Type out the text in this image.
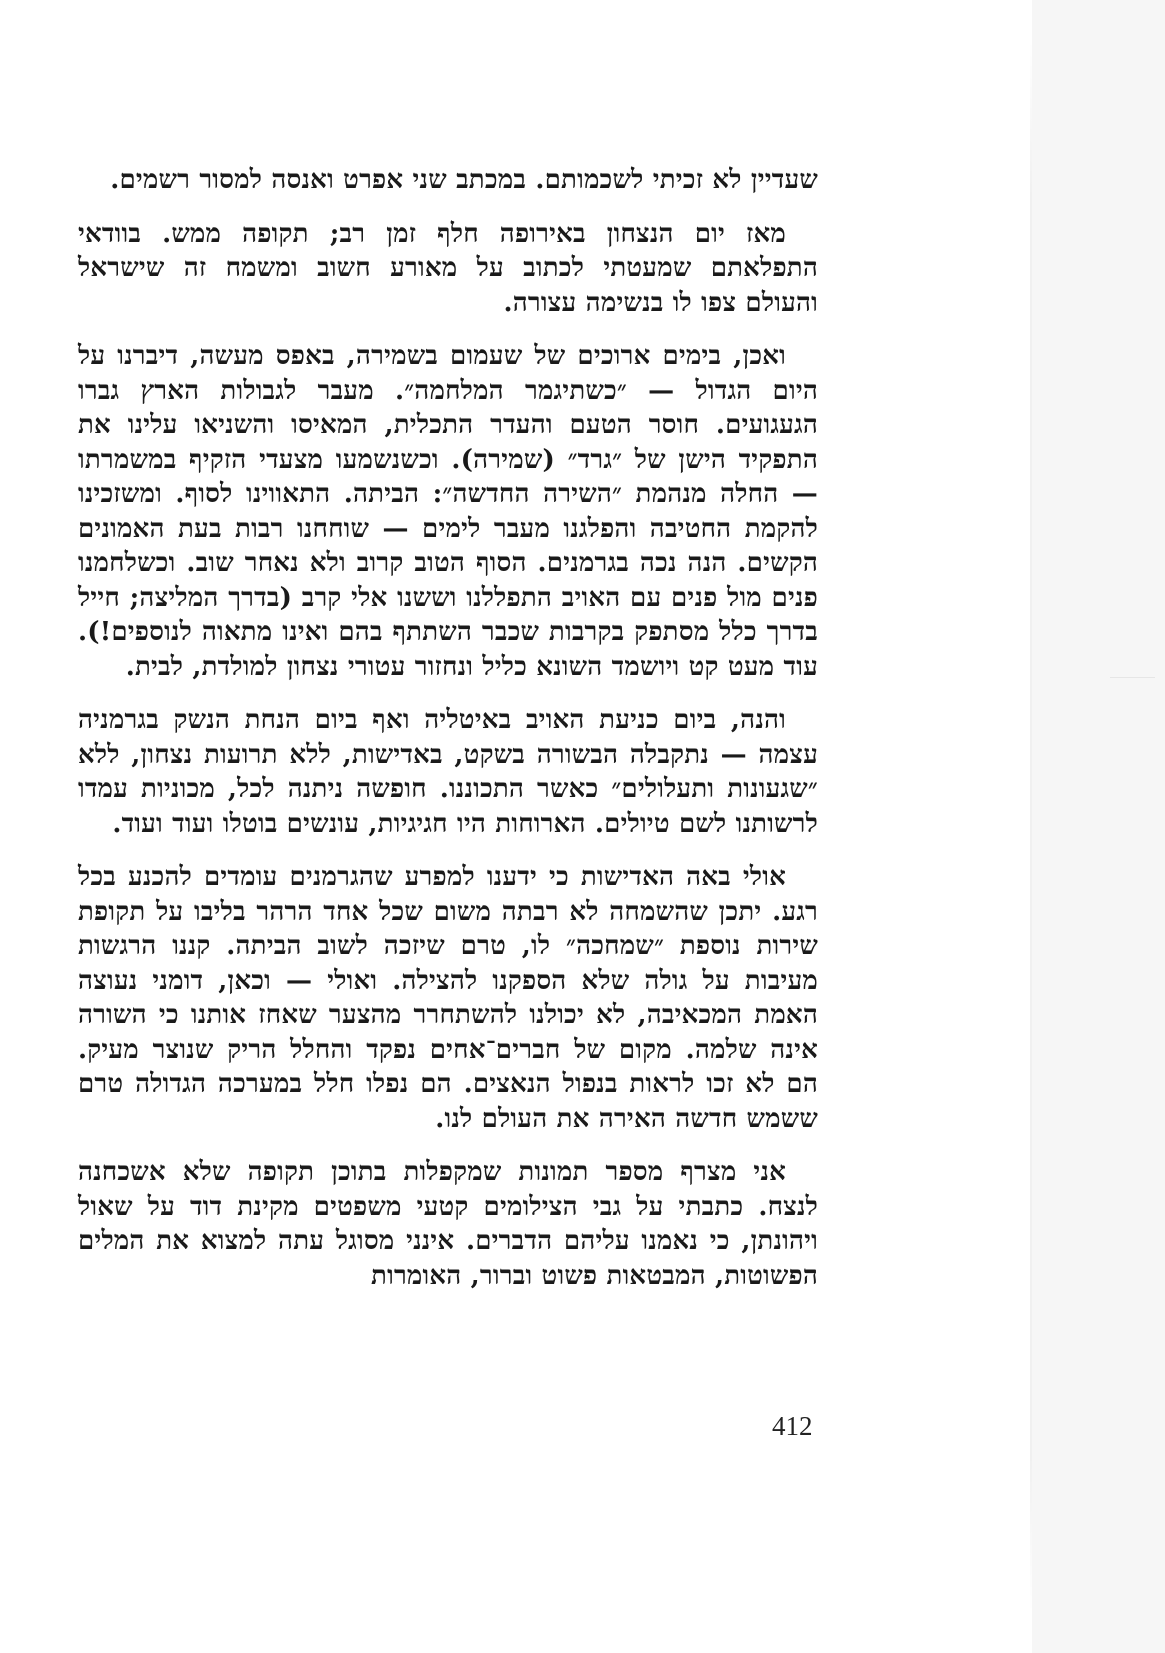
שעדיין לא זכיתי לשכמותם. במכתב שני אפרט ואנסה למסור רשמים.

מאז יום הנצחון באירופה חלף זמן רב; תקופה ממש. בוודאי התפלאתם שמעטתי לכתוב על מאורע חשוב ומשמח זה שישראל והעולם צפו לו בנשימה עצורה.

ואכן, בימים ארוכים של שעמום בשמירה, באפס מעשה, דיברנו על היום הגדול — ״כשתיגמר המלחמה״. מעבר לגבולות הארץ גברו הגעגועים. חוסר הטעם והעדר התכלית, המאיסו והשניאו עלינו את התפקיד הישן של ״גרד״ (שמירה). וכשנשמעו מצעדי הזקיף במשמרתו — החלה מנהמת ״השירה החדשה״: הביתה. התאווינו לסוף. ומשזכינו להקמת החטיבה והפלגנו מעבר לימים — שוחחנו רבות בעת האמונים הקשים. הנה נכה בגרמנים. הסוף הטוב קרוב ולא נאחר שוב. וכשלחמנו פנים מול פנים עם האויב התפללנו וששנו אלי קרב (בדרך המליצה; חייל בדרך כלל מסתפק בקרבות שכבר השתתף בהם ואינו מתאוה לנוספים!). עוד מעט קט ויושמד השונא כליל ונחזור עטורי נצחון למולדת, לבית.

והנה, ביום כניעת האויב באיטליה ואף ביום הנחת הנשק בגרמניה עצמה — נתקבלה הבשורה בשקט, באדישות, ללא תרועות נצחון, ללא ״שגעונות ותעלולים״ כאשר התכוננו. חופשה ניתנה לכל, מכוניות עמדו לרשותנו לשם טיולים. הארוחות היו חגיגיות, עונשים בוטלו ועוד ועוד.

אולי באה האדישות כי ידענו למפרע שהגרמנים עומדים להכנע בכל רגע. יתכן שהשמחה לא רבתה משום שכל אחד הרהר בליבו על תקופת שירות נוספת ״שמחכה״ לו, טרם שיזכה לשוב הביתה. קננו הרגשות מעיבות על גולה שלא הספקנו להצילה. ואולי — וכאן, דומני נעוצה האמת המכאיבה, לא יכולנו להשתחרר מהצער שאחז אותנו כי השורה אינה שלמה. מקום של חברים־אחים נפקד והחלל הריק שנוצר מעיק. הם לא זכו לראות בנפול הנאצים. הם נפלו חלל במערכה הגדולה טרם ששמש חדשה האירה את העולם לנו.

אני מצרף מספר תמונות שמקפלות בתוכן תקופה שלא אשכחנה לנצח. כתבתי על גבי הצילומים קטעי משפטים מקינת דוד על שאול ויהונתן, כי נאמנו עליהם הדברים. אינני מסוגל עתה למצוא את המלים הפשוטות, המבטאות פשוט וברור, האומרות

412
